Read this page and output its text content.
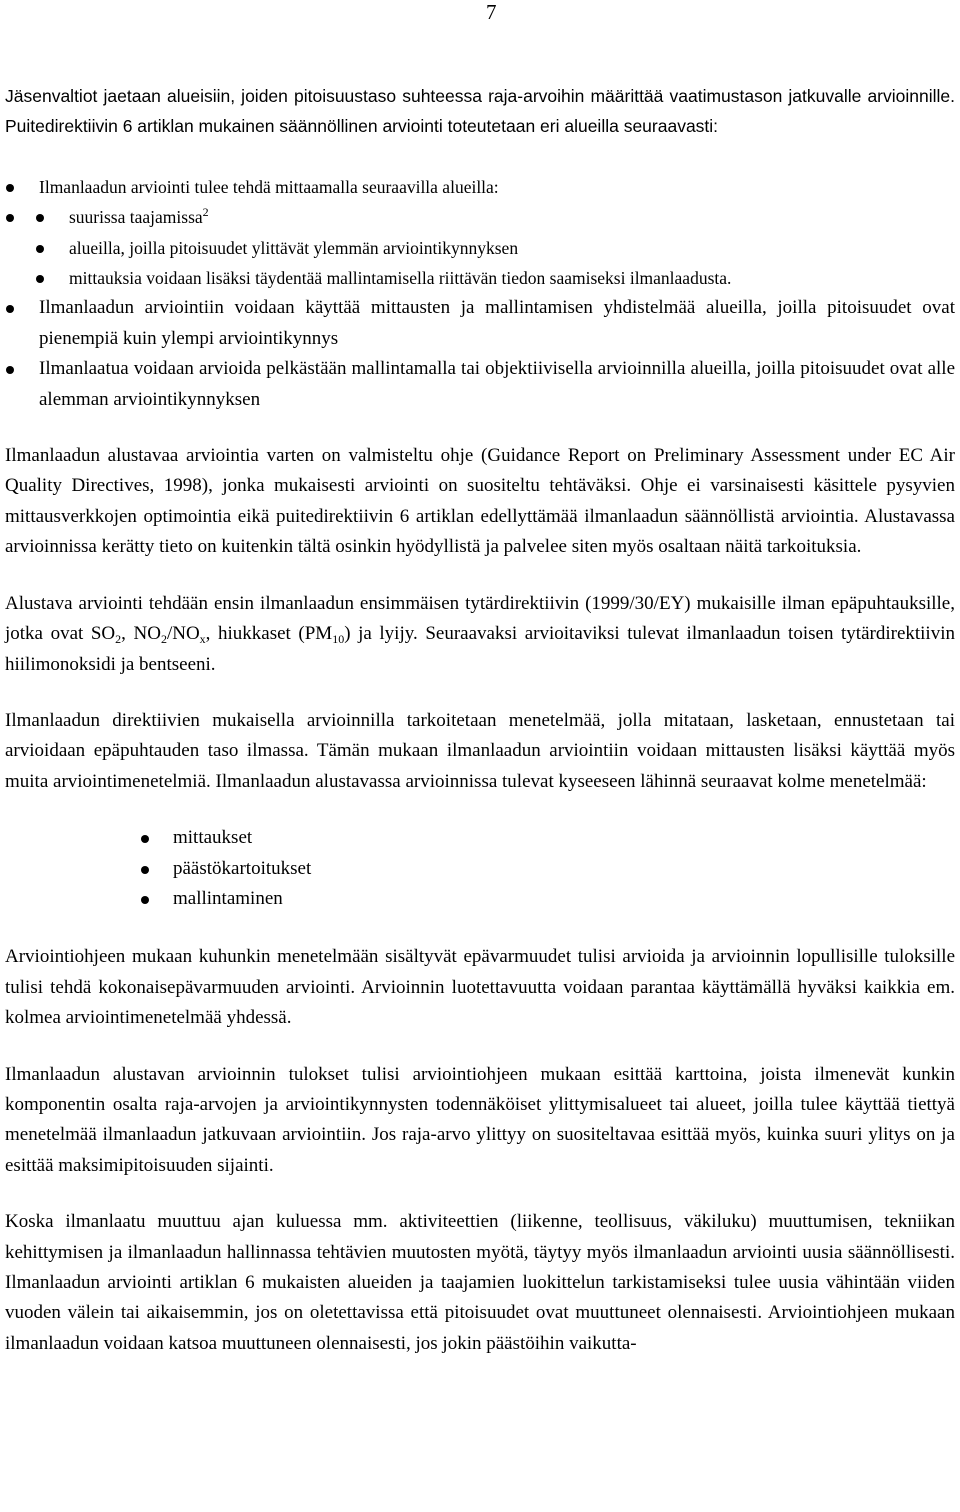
7

Jäsenvaltiot jaetaan alueisiin, joiden pitoisuustaso suhteessa raja-arvoihin määrittää vaatimustason jatkuvalle arvioinnille. Puitedirektiivin 6 artiklan mukainen säännöllinen arviointi toteutetaan eri alueilla seuraavasti:

Ilmanlaadun arviointi tulee tehdä mittaamalla seuraavilla alueilla:
suurissa taajamissa$^2$
alueilla, joilla pitoisuudet ylittävät ylemmän arviointikynnyksen
mittauksia voidaan lisäksi täydentää mallintamisella riittävän tiedon saamiseksi ilmanlaadusta.
Ilmanlaadun arviointiin voidaan käyttää mittausten ja mallintamisen yhdistelmää alueilla, joilla pitoisuudet ovat pienempiä kuin ylempi arviointikynnys
Ilmanlaatua voidaan arvioida pelkästään mallintamalla tai objektiivisella arvioinnilla alueilla, joilla pitoisuudet ovat alle alemman arviointikynnyksen

Ilmanlaadun alustavaa arviointia varten on valmisteltu ohje (Guidance Report on Preliminary Assessment under EC Air Quality Directives, 1998), jonka mukaisesti arviointi on suositeltu tehtäväksi. Ohje ei varsinaisesti käsittele pysyvien mittausverkkojen optimointia eikä puitedirektiivin 6 artiklan edellyttämää ilmanlaadun säännöllistä arviointia. Alustavassa arvioinnissa kerätty tieto on kuitenkin tältä osinkin hyödyllistä ja palvelee siten myös osaltaan näitä tarkoituksia.

Alustava arviointi tehdään ensin ilmanlaadun ensimmäisen tytärdirektiivin (1999/30/EY) mukaisille ilman epäpuhtauksille, jotka ovat $SO_2$, $NO_2/NO_x$, hiukkaset $(PM_{10})$ ja lyijy. Seuraavaksi arvioitaviksi tulevat ilmanlaadun toisen tytärdirektiivin hiilimonoksidi ja bentseeni.

Ilmanlaadun direktiivien mukaisella arvioinnilla tarkoitetaan menetelmää, jolla mitataan, lasketaan, ennustetaan tai arvioidaan epäpuhtauden taso ilmassa. Tämän mukaan ilmanlaadun arviointiin voidaan mittausten lisäksi käyttää myös muita arviointimenetelmiä. Ilmanlaadun alustavassa arvioinnissa tulevat kyseeseen lähinnä seuraavat kolme menetelmää:

mittaukset
päästökartoitukset
mallintaminen

Arviointiohjeen mukaan kuhunkin menetelmään sisältyvät epävarmuudet tulisi arvioida ja arvioinnin lopullisille tuloksille tulisi tehdä kokonaisepävarmuuden arviointi. Arvioinnin luotettavuutta voidaan parantaa käyttämällä hyväksi kaikkia em. kolmea arviointimenetelmää yhdessä.

Ilmanlaadun alustavan arvioinnin tulokset tulisi arviointiohjeen mukaan esittää karttoina, joista ilmenevät kunkin komponentin osalta raja-arvojen ja arviointikynnysten todennäköiset ylittymisalueet tai alueet, joilla tulee käyttää tiettyä menetelmää ilmanlaadun jatkuvaan arviointiin. Jos raja-arvo ylittyy on suositeltavaa esittää myös, kuinka suuri ylitys on ja esittää maksimipitoisuuden sijainti.

Koska ilmanlaatu muuttuu ajan kuluessa mm. aktiviteettien (liikenne, teollisuus, väkiluku) muuttumisen, tekniikan kehittymisen ja ilmanlaadun hallinnassa tehtävien muutosten myötä, täytyy myös ilmanlaadun arviointi uusia säännöllisesti. Ilmanlaadun arviointi artiklan 6 mukaisten alueiden ja taajamien luokittelun tarkistamiseksi tulee uusia vähintään viiden vuoden välein tai aikaisemmin, jos on oletettavissa että pitoisuudet ovat muuttuneet olennaisesti. Arviointiohjeen mukaan ilmanlaadun voidaan katsoa muuttuneen olennaisesti, jos jokin päästöihin vaikutta-
